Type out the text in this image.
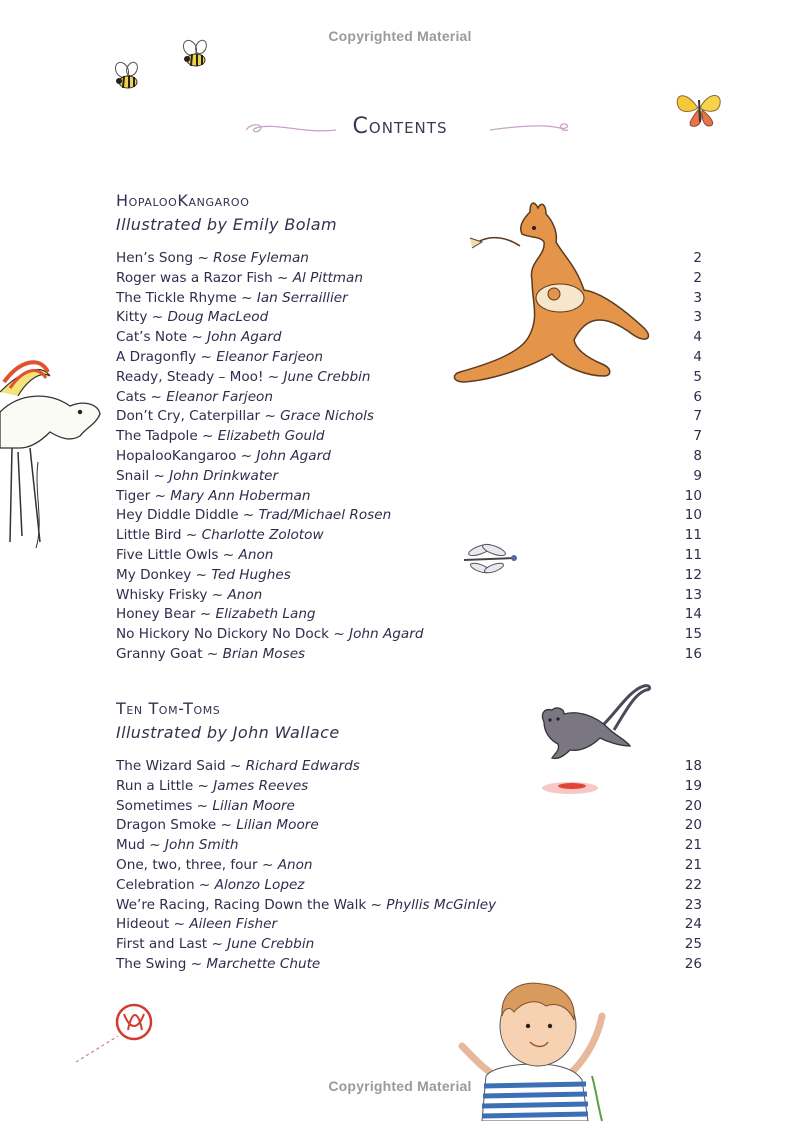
Copyrighted Material
Copyrighted Material
Contents
HopalooKangaroo
Illustrated by Emily Bolam
Hen’s Song ~ Rose Fyleman	2
Roger was a Razor Fish ~ Al Pittman	2
The Tickle Rhyme ~ Ian Serraillier	3
Kitty ~ Doug MacLeod	3
Cat’s Note ~ John Agard	4
A Dragonfly ~ Eleanor Farjeon	4
Ready, Steady – Moo! ~ June Crebbin	5
Cats ~ Eleanor Farjeon	6
Don’t Cry, Caterpillar ~ Grace Nichols	7
The Tadpole ~ Elizabeth Gould	7
HopalooKangaroo ~ John Agard	8
Snail ~ John Drinkwater	9
Tiger ~ Mary Ann Hoberman	10
Hey Diddle Diddle ~ Trad/Michael Rosen	10
Little Bird ~ Charlotte Zolotow	11
Five Little Owls ~ Anon	11
My Donkey ~ Ted Hughes	12
Whisky Frisky ~ Anon	13
Honey Bear ~ Elizabeth Lang	14
No Hickory No Dickory No Dock ~ John Agard	15
Granny Goat ~ Brian Moses	16
Ten Tom-Toms
Illustrated by John Wallace
The Wizard Said ~ Richard Edwards	18
Run a Little ~ James Reeves	19
Sometimes ~ Lilian Moore	20
Dragon Smoke ~ Lilian Moore	20
Mud ~ John Smith	21
One, two, three, four ~ Anon	21
Celebration ~ Alonzo Lopez	22
We’re Racing, Racing Down the Walk ~ Phyllis McGinley	23
Hideout ~ Aileen Fisher	24
First and Last ~ June Crebbin	25
The Swing ~ Marchette Chute	26
